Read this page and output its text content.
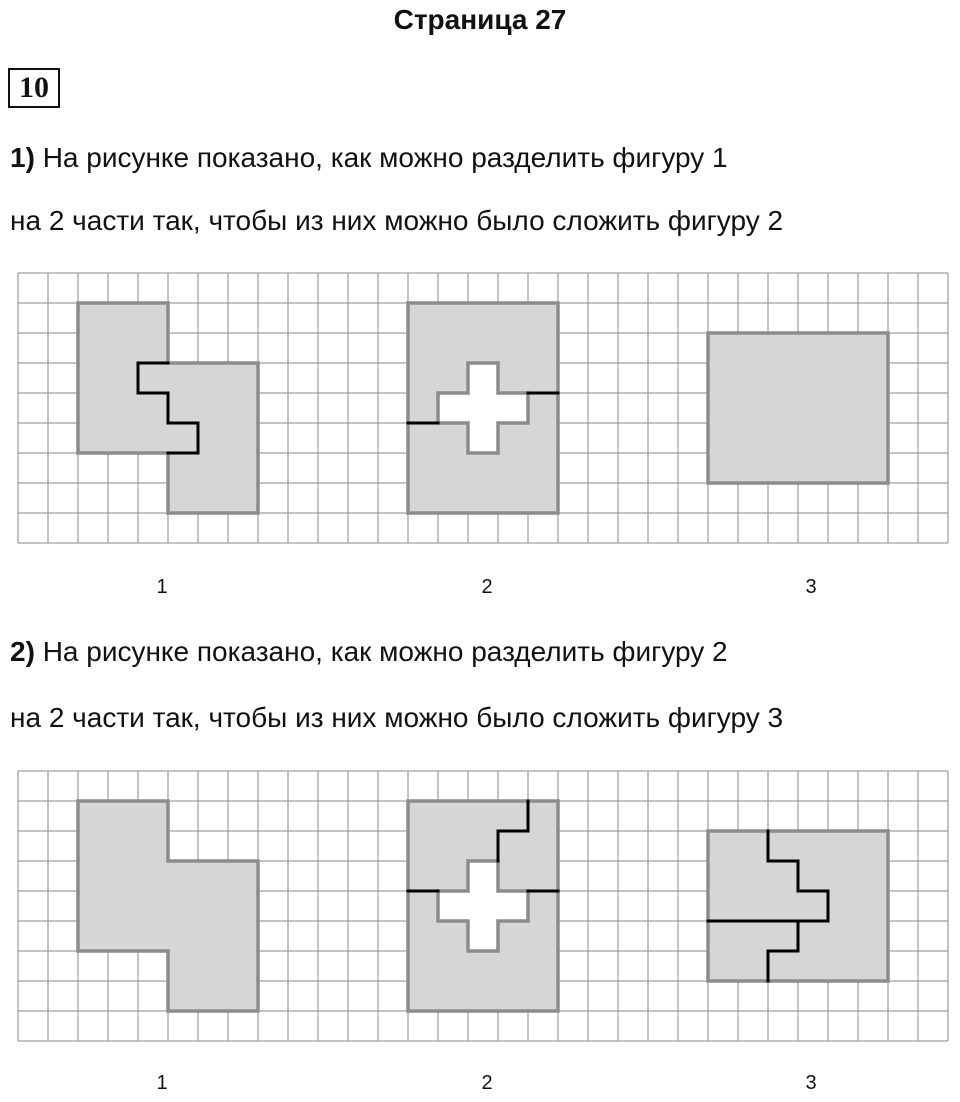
Страница 27
10
1) На рисунке показано, как можно разделить фигуру 1
на 2 части так, чтобы из них можно было сложить фигуру 2
1	2	3
2) На рисунке показано, как можно разделить фигуру 2
на 2 части так, чтобы из них можно было сложить фигуру 3
1	2	3
